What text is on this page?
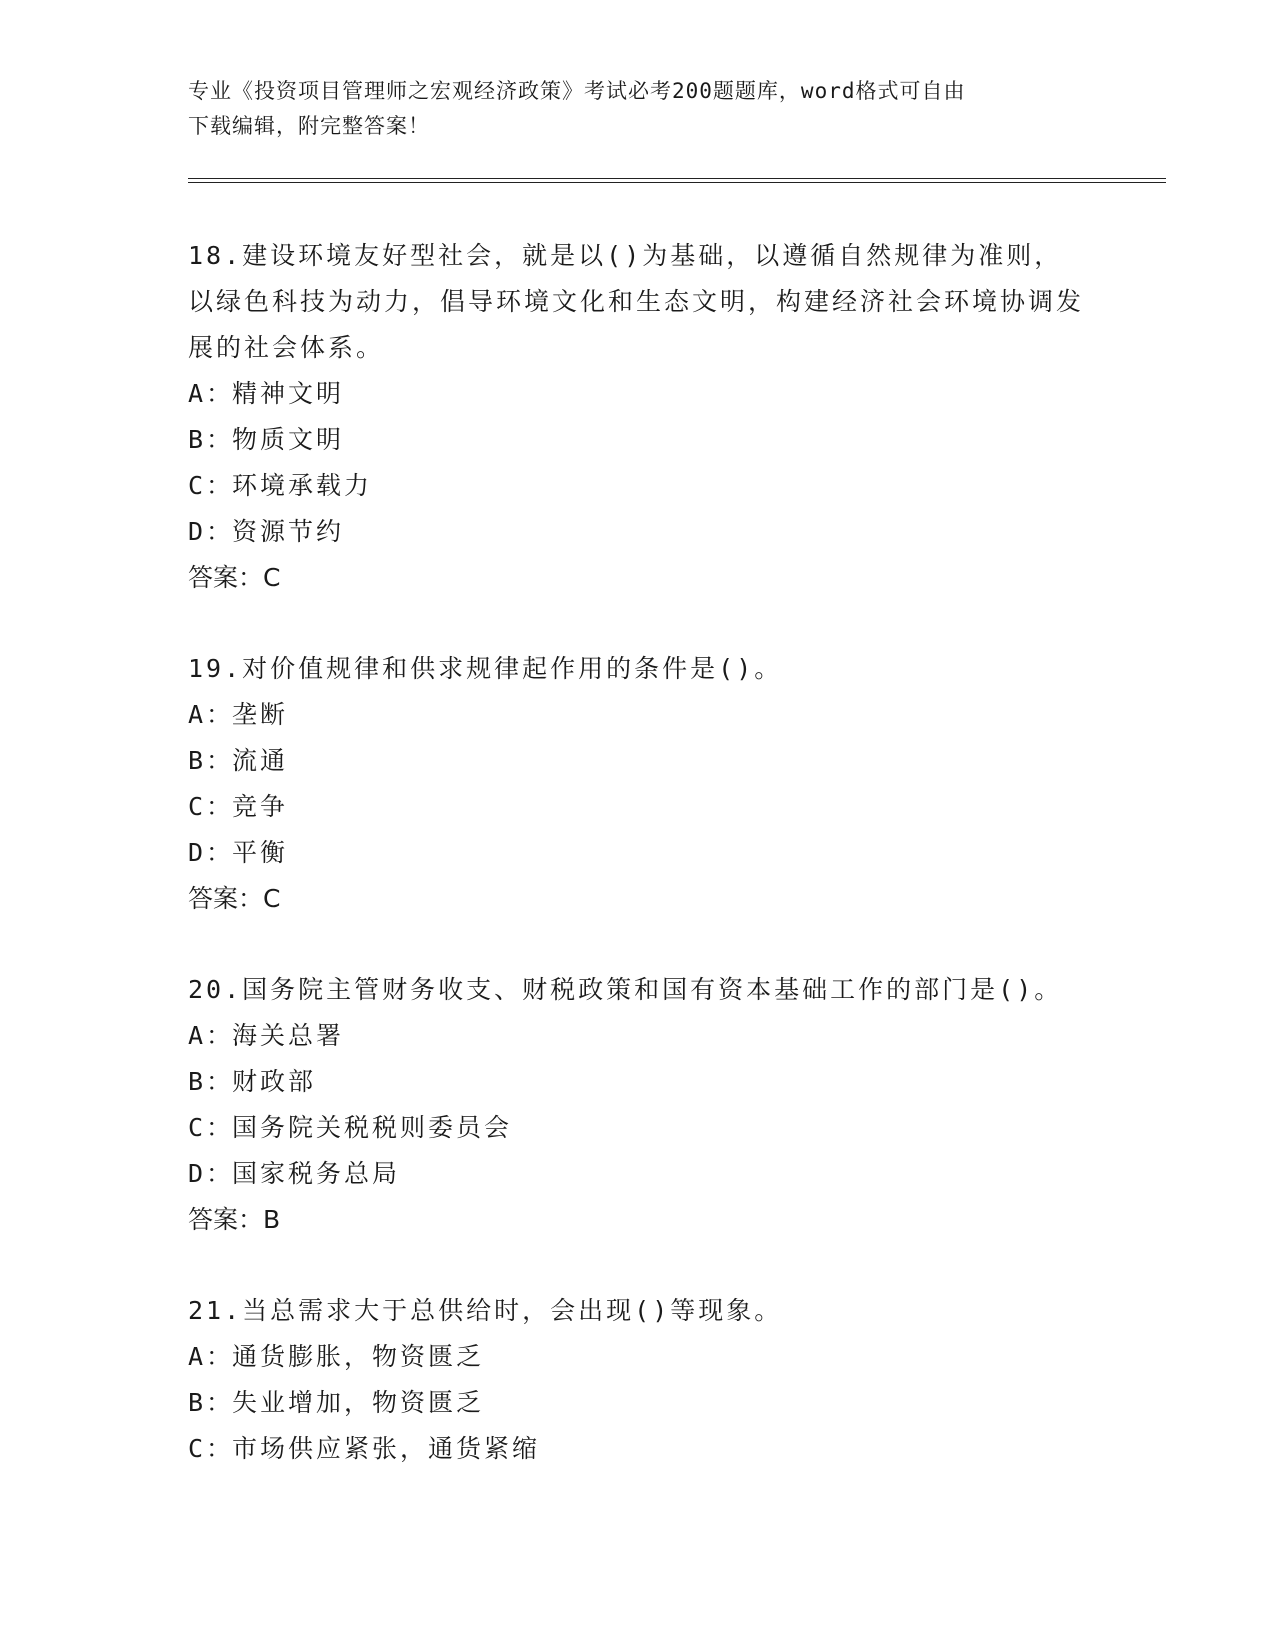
专业《投资项目管理师之宏观经济政策》考试必考200题题库，word格式可自由
下载编辑，附完整答案！

18.建设环境友好型社会，就是以()为基础，以遵循自然规律为准则，以绿色科技为动力，倡导环境文化和生态文明，构建经济社会环境协调发展的社会体系。

A：精神文明

B：物质文明

C：环境承载力

D：资源节约

答案：C

19.对价值规律和供求规律起作用的条件是()。

A：垄断

B：流通

C：竞争

D：平衡

答案：C

20.国务院主管财务收支、财税政策和国有资本基础工作的部门是()。

A：海关总署

B：财政部

C：国务院关税税则委员会

D：国家税务总局

答案：B

21.当总需求大于总供给时，会出现()等现象。

A：通货膨胀，物资匮乏

B：失业增加，物资匮乏

C：市场供应紧张，通货紧缩
